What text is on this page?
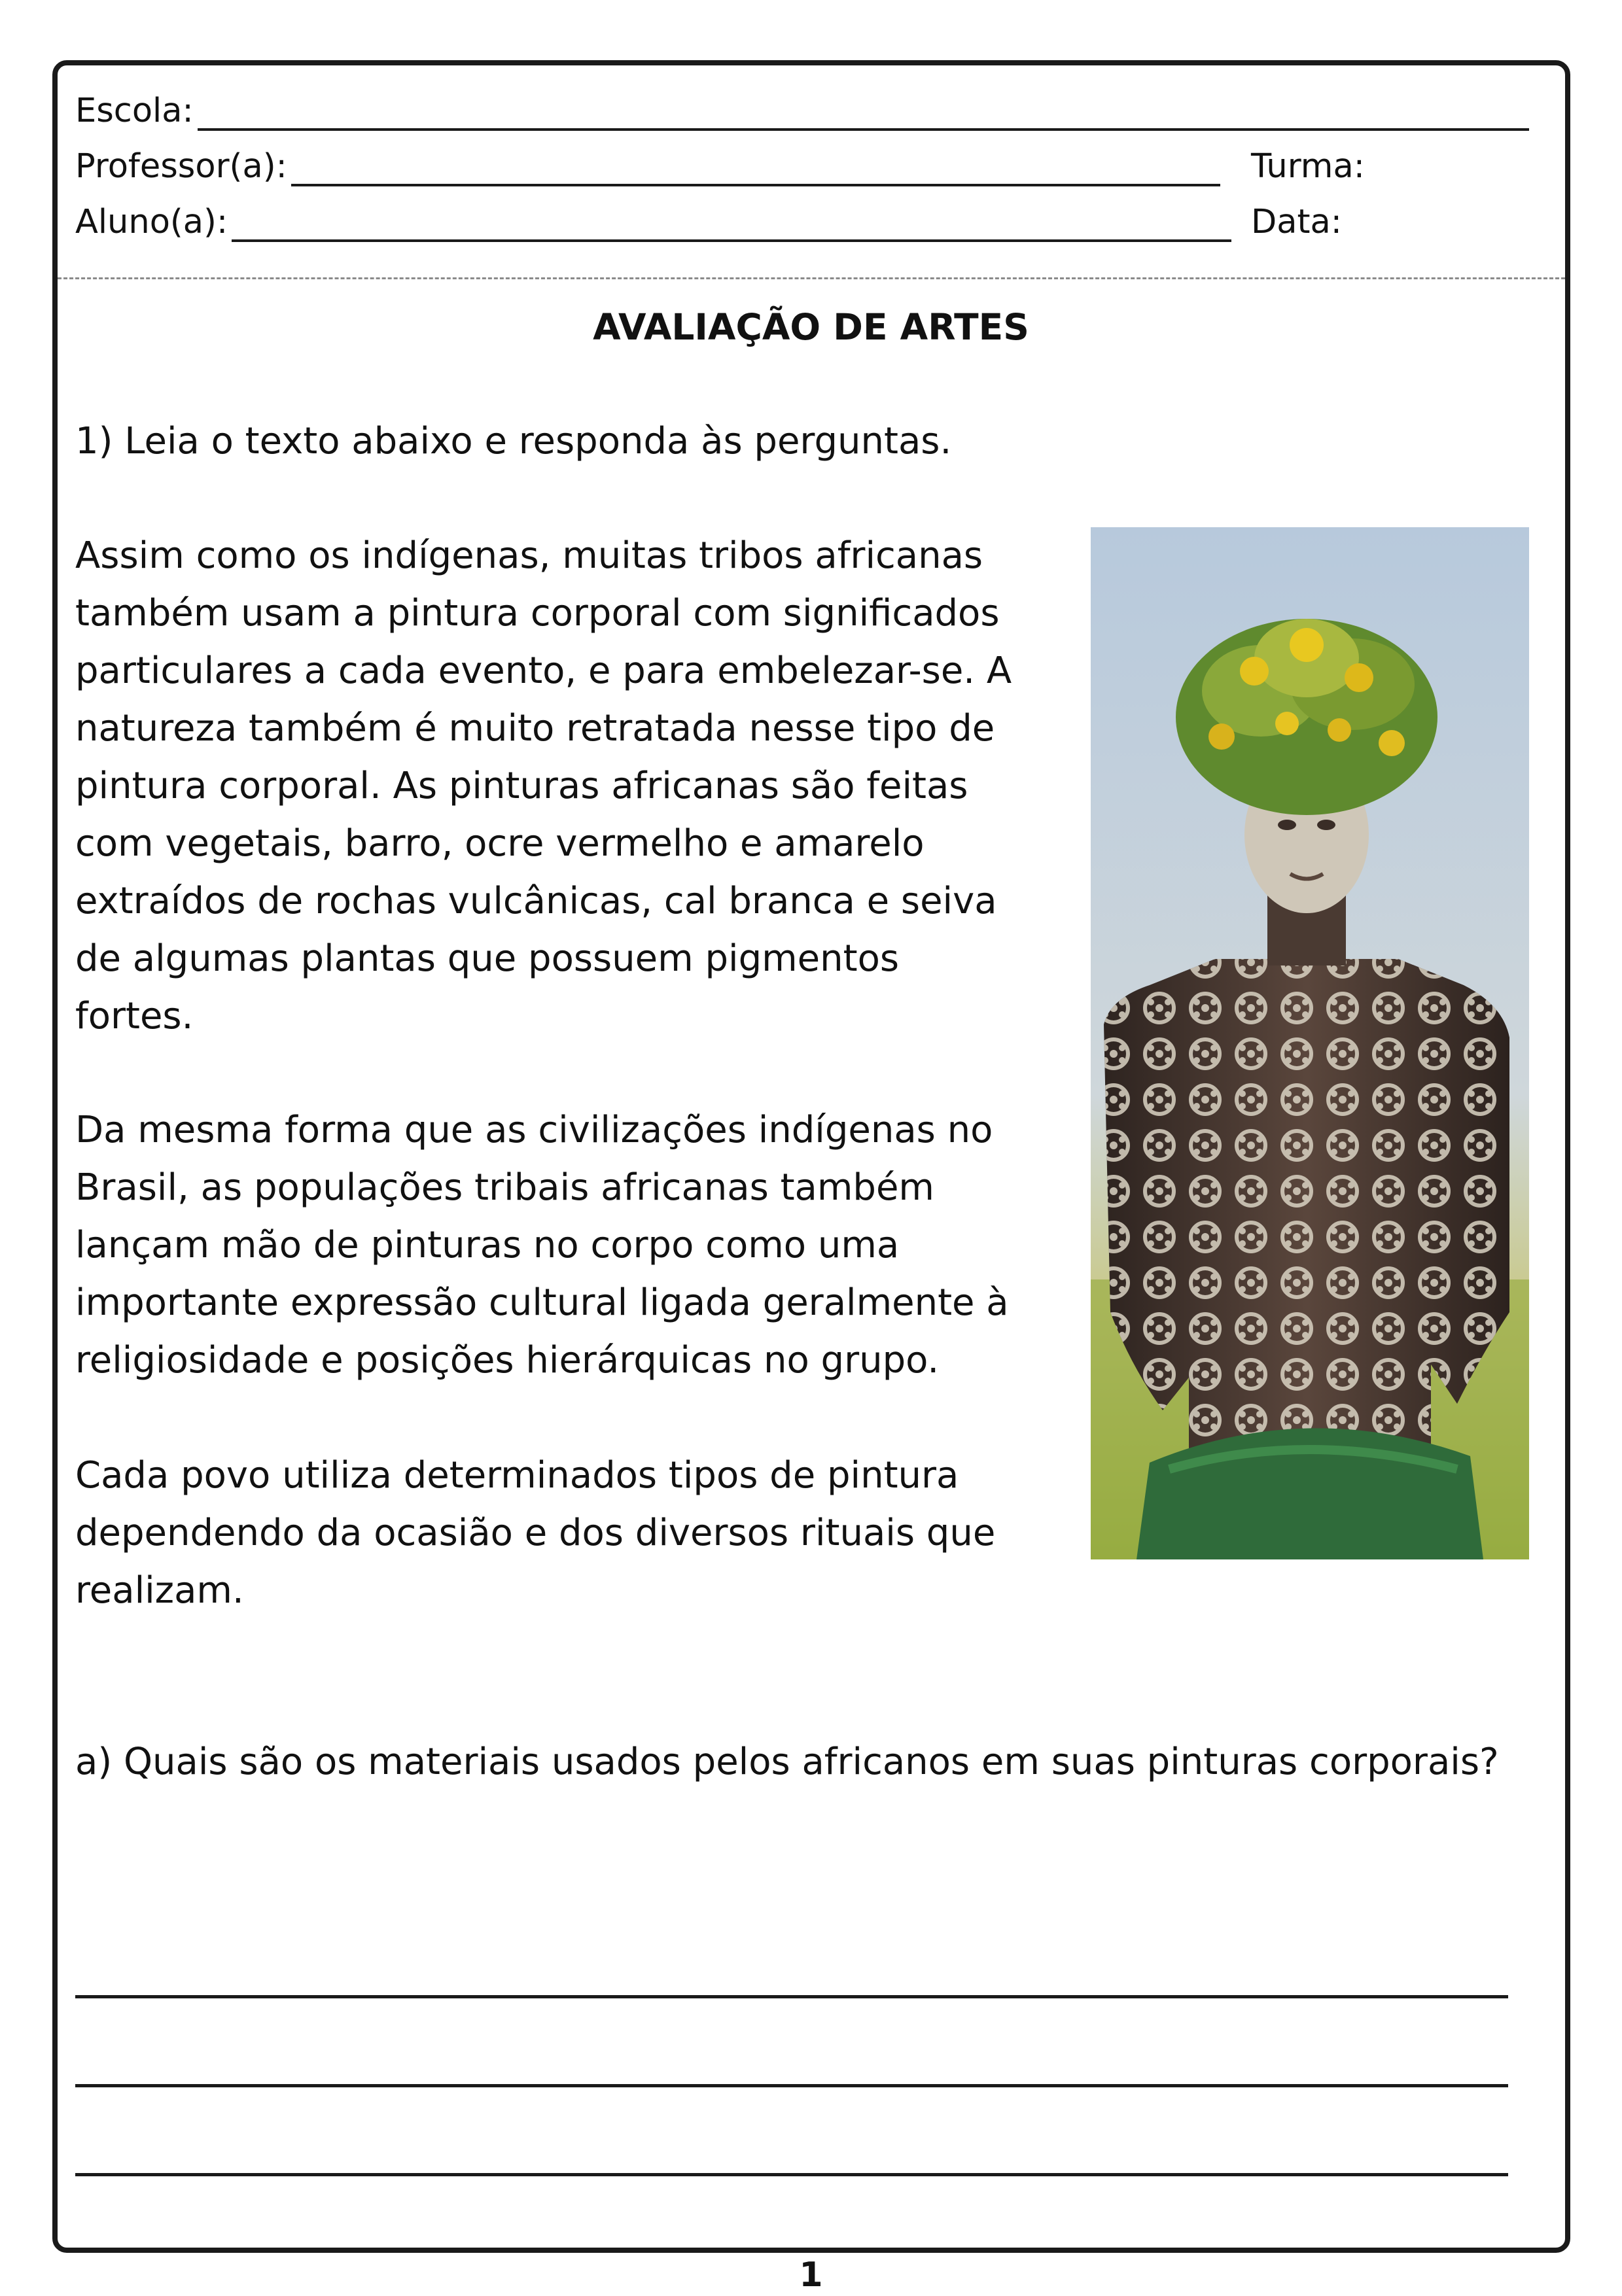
Escola:
Professor(a):	Turma:
Aluno(a):	Data:
AVALIAÇÃO DE ARTES
1) Leia o texto abaixo e responda às perguntas.

Assim como os indígenas, muitas tribos africanas
também usam a pintura corporal com significados
particulares a cada evento, e para embelezar-se. A
natureza também é muito retratada nesse tipo de
pintura corporal. As pinturas africanas são feitas
com vegetais, barro, ocre vermelho e amarelo
extraídos de rochas vulcânicas, cal branca e seiva
de algumas plantas que possuem pigmentos
fortes.

Da mesma forma que as civilizações indígenas no
Brasil, as populações tribais africanas também
lançam mão de pinturas no corpo como uma
importante expressão cultural ligada geralmente à
religiosidade e posições hierárquicas no grupo.

Cada povo utiliza determinados tipos de pintura
dependendo da ocasião e dos diversos rituais que
realizam.

a) Quais são os materiais usados pelos africanos em suas pinturas corporais?

1
